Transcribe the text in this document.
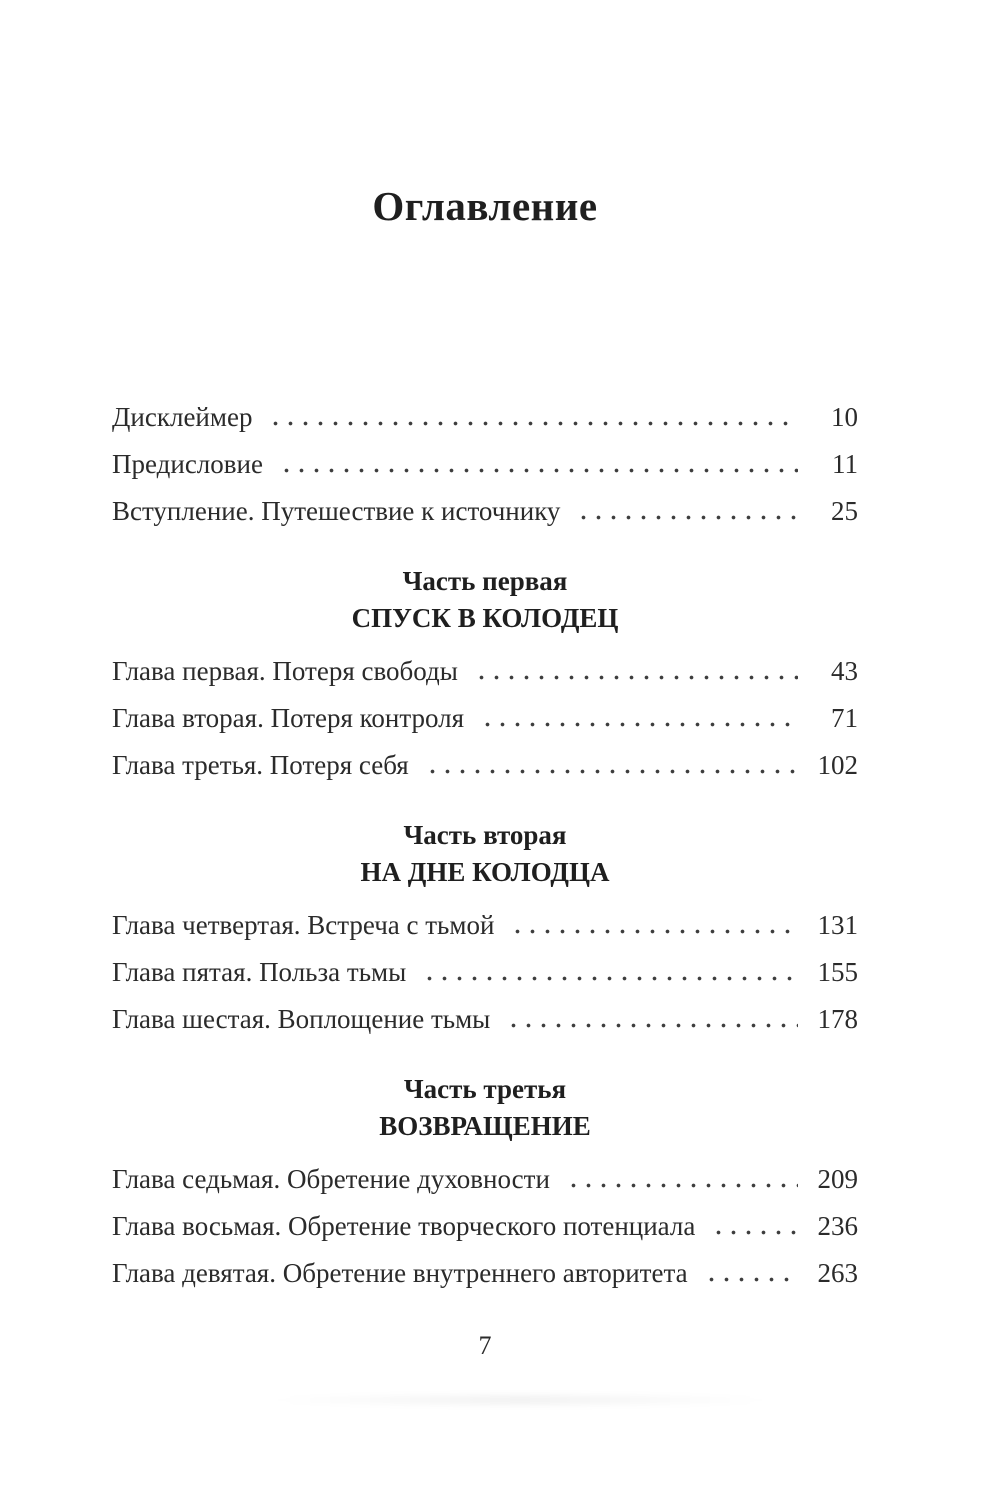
Оглавление
Дисклеймер	10
Предисловие	11
Вступление. Путешествие к источнику	25
Часть первая
СПУСК В КОЛОДЕЦ
Глава первая. Потеря свободы	43
Глава вторая. Потеря контроля	71
Глава третья. Потеря себя	102
Часть вторая
НА ДНЕ КОЛОДЦА
Глава четвертая. Встреча с тьмой	131
Глава пятая. Польза тьмы	155
Глава шестая. Воплощение тьмы	178
Часть третья
ВОЗВРАЩЕНИЕ
Глава седьмая. Обретение духовности	209
Глава восьмая. Обретение творческого потенциала	236
Глава девятая. Обретение внутреннего авторитета	263
7
